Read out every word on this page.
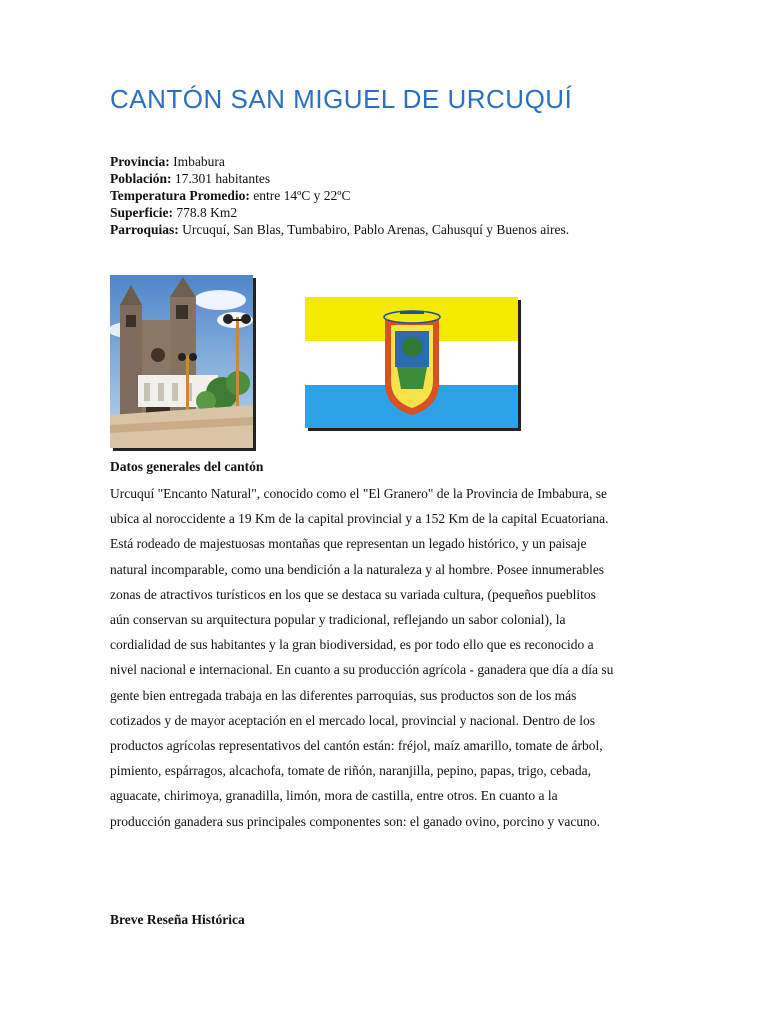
CANTÓN SAN MIGUEL DE URCUQUÍ
Provincia: Imbabura
Población: 17.301 habitantes
Temperatura Promedio: entre 14ºC y 22ºC
Superficie: 778.8 Km2
Parroquias: Urcuquí, San Blas, Tumbabiro, Pablo Arenas, Cahusquí y Buenos aires.
Datos generales del cantón
Urcuquí "Encanto Natural", conocido como el "El Granero" de la Provincia de Imbabura, se
ubica al noroccidente a 19 Km de la capital provincial y a 152 Km de la capital Ecuatoriana.
Está rodeado de majestuosas montañas que representan un legado histórico, y un paisaje
natural incomparable, como una bendición a la naturaleza y al hombre. Posee innumerables
zonas de atractivos turísticos en los que se destaca su variada cultura, (pequeños pueblitos
aún conservan su arquitectura popular y tradicional, reflejando un sabor colonial), la
cordialidad de sus habitantes y la gran biodiversidad, es por todo ello que es reconocido a
nivel nacional e internacional. En cuanto a su producción agrícola - ganadera que día a día su
gente bien entregada trabaja en las diferentes parroquias, sus productos son de los más
cotizados y de mayor aceptación en el mercado local, provincial y nacional. Dentro de los
productos agrícolas representativos del cantón están: fréjol, maíz amarillo, tomate de árbol,
pimiento, espárragos, alcachofa, tomate de riñón, naranjilla, pepino, papas, trigo, cebada,
aguacate, chirimoya, granadilla, limón, mora de castilla, entre otros. En cuanto a la
producción ganadera sus principales componentes son: el ganado ovino, porcino y vacuno.
Breve Reseña Histórica
